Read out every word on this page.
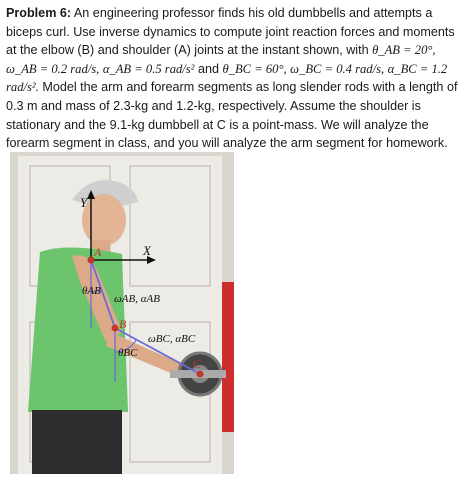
Problem 6: An engineering professor finds his old dumbbells and attempts a biceps curl. Use inverse dynamics to compute joint reaction forces and moments at the elbow (B) and shoulder (A) joints at the instant shown, with θ_AB = 20°, ω_AB = 0.2 rad/s, α_AB = 0.5 rad/s² and θ_BC = 60°, ω_BC = 0.4 rad/s, α_BC = 1.2 rad/s². Model the arm and forearm segments as long slender rods with a length of 0.3 m and mass of 2.3-kg and 1.2-kg, respectively. Assume the shoulder is stationary and the 9.1-kg dumbbell at C is a point-mass. We will analyze the forearm segment in class, and you will analyze the arm segment for homework.
Y
X
A
B
C
θAB
ωAB, αAB
ωBC, αBC
θBC
